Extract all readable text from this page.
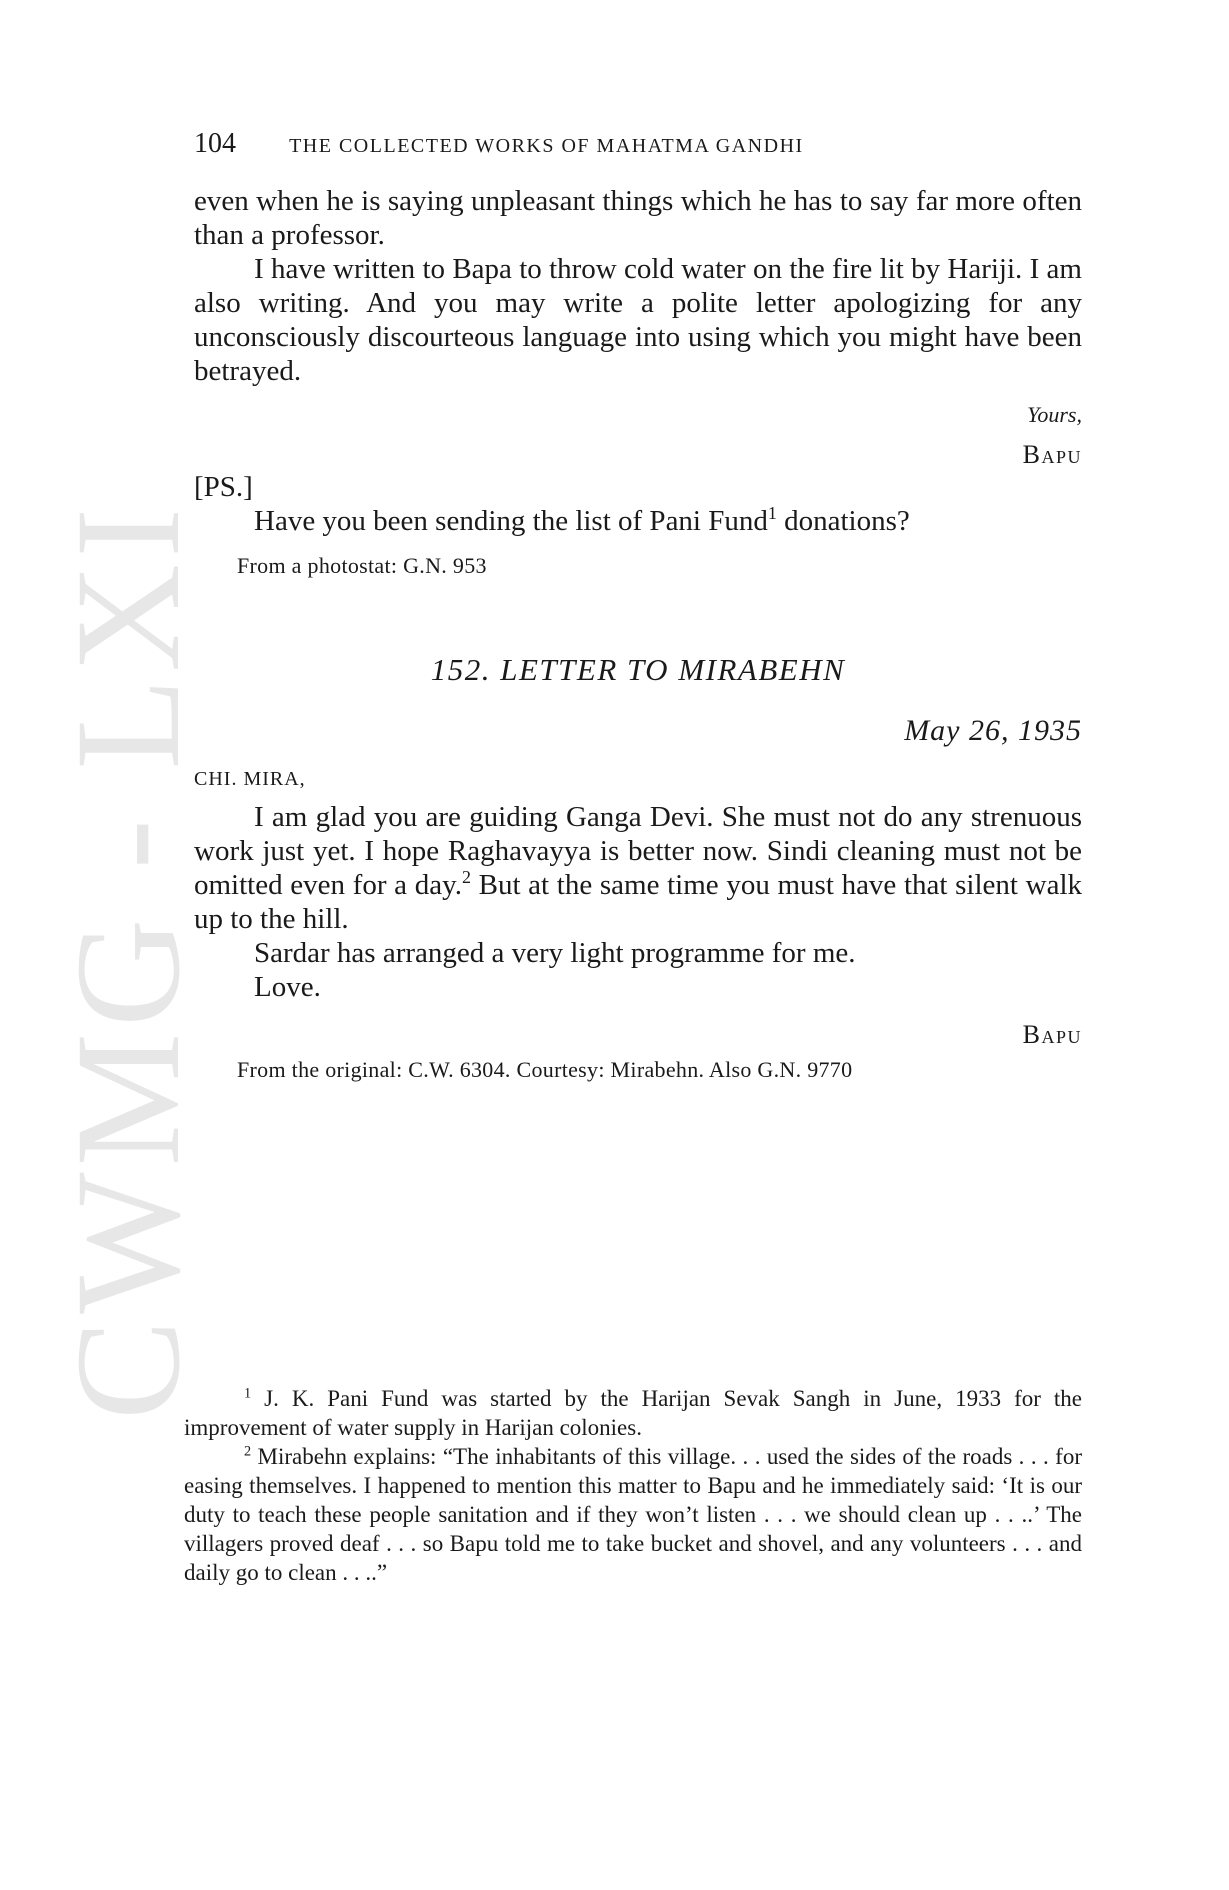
CWMG - LXI
104	THE COLLECTED WORKS OF MAHATMA GANDHI

even when he is saying unpleasant things which he has to say far more often than a professor.

I have written to Bapa to throw cold water on the fire lit by Hariji. I am also writing. And you may write a polite letter apologizing for any unconsciously discourteous language into using which you might have been betrayed.

Yours,

Bapu

[PS.]

Have you been sending the list of Pani Fund$^1$ donations?

From a photostat: G.N. 953
152. LETTER TO MIRABEHN
May 26, 1935
CHI. MIRA,

I am glad you are guiding Ganga Devi. She must not do any strenuous work just yet. I hope Raghavayya is better now. Sindi cleaning must not be omitted even for a day.$^2$ But at the same time you must have that silent walk up to the hill.

Sardar has arranged a very light programme for me.

Love.

Bapu

From the original: C.W. 6304. Courtesy: Mirabehn. Also G.N. 9770

$^1$ J. K. Pani Fund was started by the Harijan Sevak Sangh in June, 1933 for the improvement of water supply in Harijan colonies.

$^2$ Mirabehn explains: “The inhabitants of this village. . . used the sides of the roads . . . for easing themselves. I happened to mention this matter to Bapu and he immediately said: ‘It is our duty to teach these people sanitation and if they won’t listen . . . we should clean up . . ..’ The villagers proved deaf . . . so Bapu told me to take bucket and shovel, and any volunteers . . . and daily go to clean . . ..”
